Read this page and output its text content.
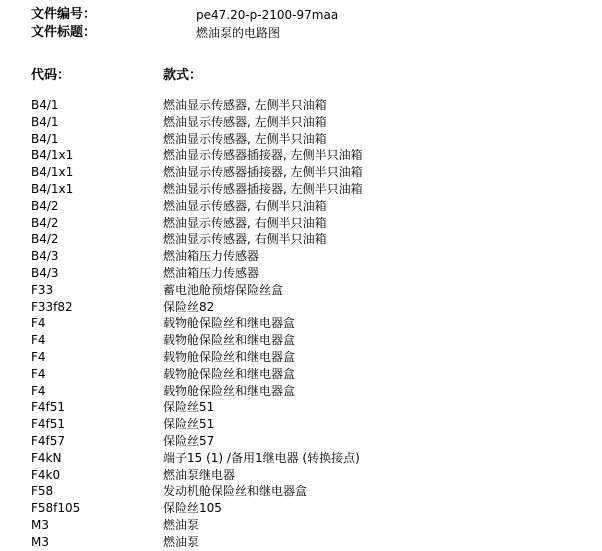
文件编号：	pe47.20-p-2100-97maa
文件标题：	燃油泵的电路图
代码：	款式：
B4/1	燃油显示传感器, 左侧半只油箱
B4/1	燃油显示传感器, 左侧半只油箱
B4/1	燃油显示传感器, 左侧半只油箱
B4/1x1	燃油显示传感器插接器, 左侧半只油箱
B4/1x1	燃油显示传感器插接器, 左侧半只油箱
B4/1x1	燃油显示传感器插接器, 左侧半只油箱
B4/2	燃油显示传感器, 右侧半只油箱
B4/2	燃油显示传感器, 右侧半只油箱
B4/2	燃油显示传感器, 右侧半只油箱
B4/3	燃油箱压力传感器
B4/3	燃油箱压力传感器
F33	蓄电池舱预熔保险丝盒
F33f82	保险丝82
F4	载物舱保险丝和继电器盒
F4	载物舱保险丝和继电器盒
F4	载物舱保险丝和继电器盒
F4	载物舱保险丝和继电器盒
F4	载物舱保险丝和继电器盒
F4f51	保险丝51
F4f51	保险丝51
F4f57	保险丝57
F4kN	端子15 (1) /备用1继电器 (转换接点)
F4k0	燃油泵继电器
F58	发动机舱保险丝和继电器盒
F58f105	保险丝105
M3	燃油泵
M3	燃油泵
